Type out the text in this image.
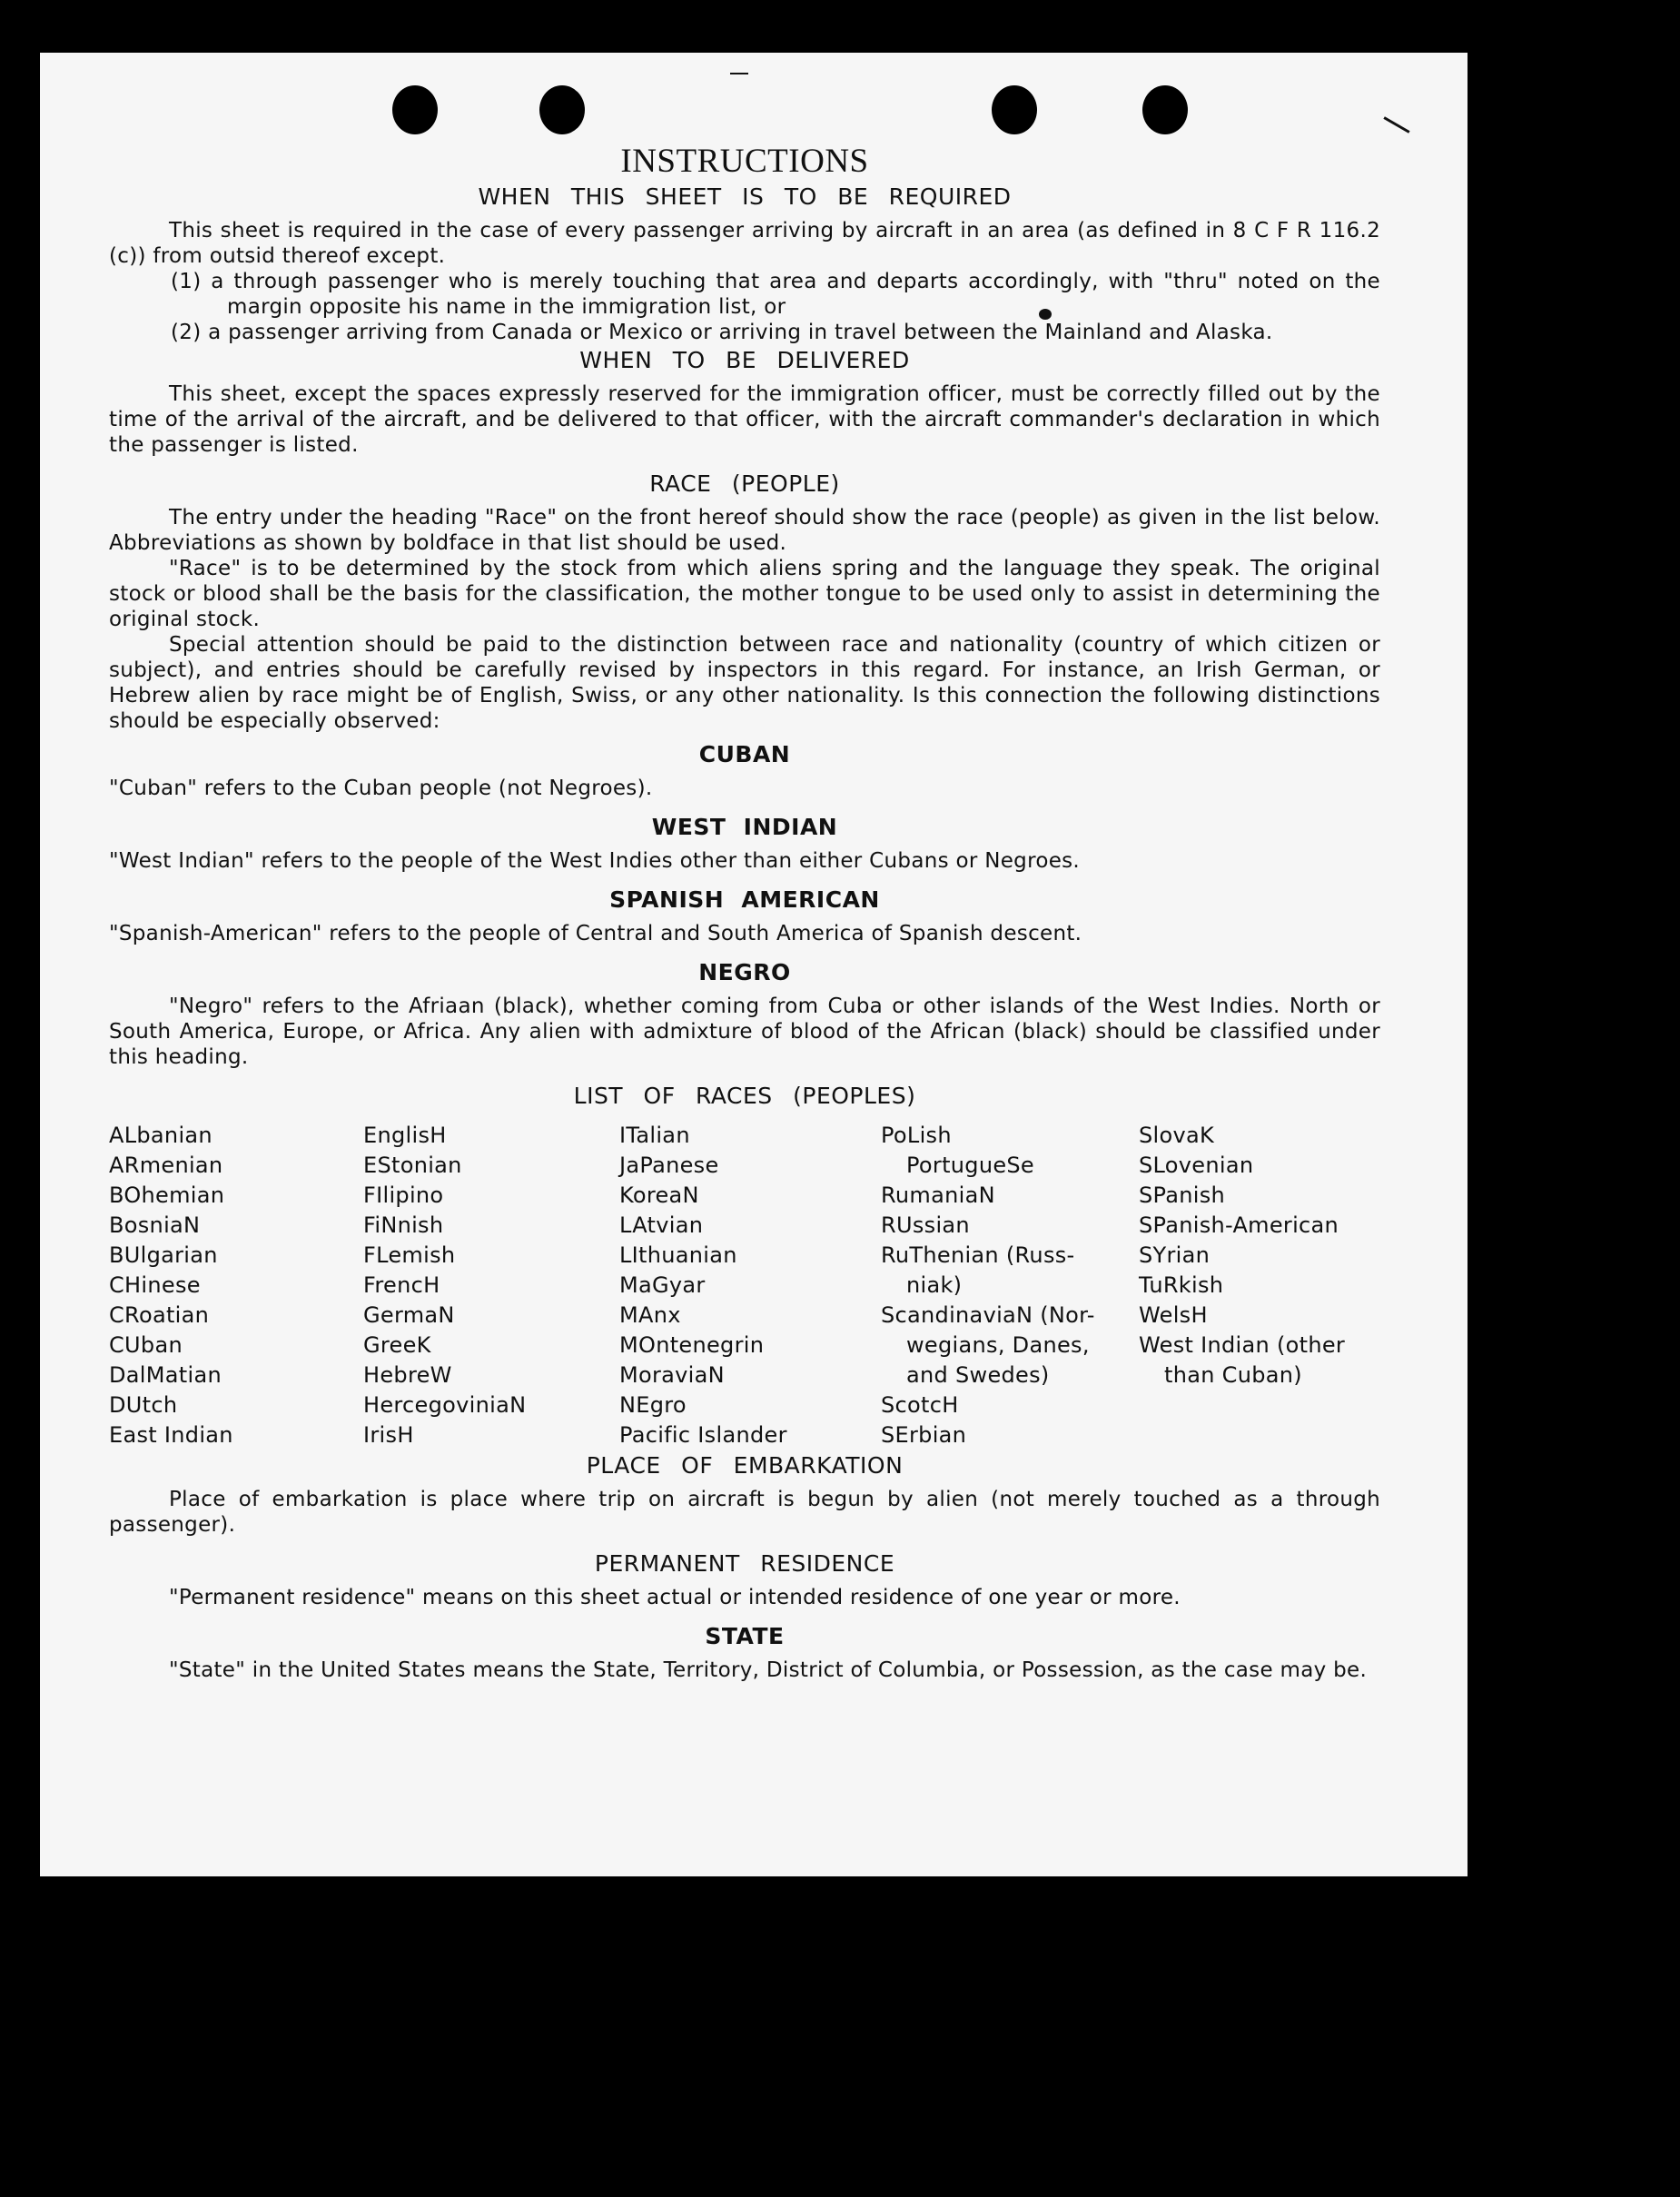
INSTRUCTIONS
WHEN THIS SHEET IS TO BE REQUIRED

This sheet is required in the case of every passenger arriving by aircraft in an area (as defined in 8 C F R 116.2 (c)) from outsid thereof except.

(1) a through passenger who is merely touching that area and departs accordingly, with "thru" noted on the margin opposite his name in the immigration list, or

(2) a passenger arriving from Canada or Mexico or arriving in travel between the Mainland and Alaska.

WHEN TO BE DELIVERED

This sheet, except the spaces expressly reserved for the immigration officer, must be correctly filled out by the time of the arrival of the aircraft, and be delivered to that officer, with the aircraft commander's declaration in which the passenger is listed.

RACE (PEOPLE)

The entry under the heading "Race" on the front hereof should show the race (people) as given in the list below. Abbreviations as shown by boldface in that list should be used.

"Race" is to be determined by the stock from which aliens spring and the language they speak. The original stock or blood shall be the basis for the classification, the mother tongue to be used only to assist in determining the original stock.

Special attention should be paid to the distinction between race and nationality (country of which citizen or subject), and entries should be carefully revised by inspectors in this regard. For instance, an Irish German, or Hebrew alien by race might be of English, Swiss, or any other nationality. Is this connection the following distinctions should be especially observed:

CUBAN

"Cuban" refers to the Cuban people (not Negroes).

WEST INDIAN

"West Indian" refers to the people of the West Indies other than either Cubans or Negroes.

SPANISH AMERICAN

"Spanish-American" refers to the people of Central and South America of Spanish descent.

NEGRO

"Negro" refers to the Afriaan (black), whether coming from Cuba or other islands of the West Indies. North or South America, Europe, or Africa. Any alien with admixture of blood of the African (black) should be classified under this heading.

LIST OF RACES (PEOPLES)
ALbanian
ARmenian
BOhemian
BosniaN
BUlgarian
CHinese
CRoatian
CUban
DalMatian
DUtch
East Indian
EnglisH
EStonian
FIlipino
FiNnish
FLemish
FrencH
GermaN
GreeK
HebreW
HercegoviniaN
IrisH
ITalian
JaPanese
KoreaN
LAtvian
LIthuanian
MaGyar
MAnx
MOntenegrin
MoraviaN
NEgro
Pacific Islander
PoLish
PortugueSe
RumaniaN
RUssian
RuThenian (Russ-
niak)
ScandinaviaN (Nor-
wegians, Danes,
and Swedes)
ScotcH
SErbian
SlovaK
SLovenian
SPanish
SPanish-American
SYrian
TuRkish
WelsH
West Indian (other
than Cuban)
PLACE OF EMBARKATION

Place of embarkation is place where trip on aircraft is begun by alien (not merely touched as a through passenger).

PERMANENT RESIDENCE

"Permanent residence" means on this sheet actual or intended residence of one year or more.

STATE

"State" in the United States means the State, Territory, District of Columbia, or Possession, as the case may be.
